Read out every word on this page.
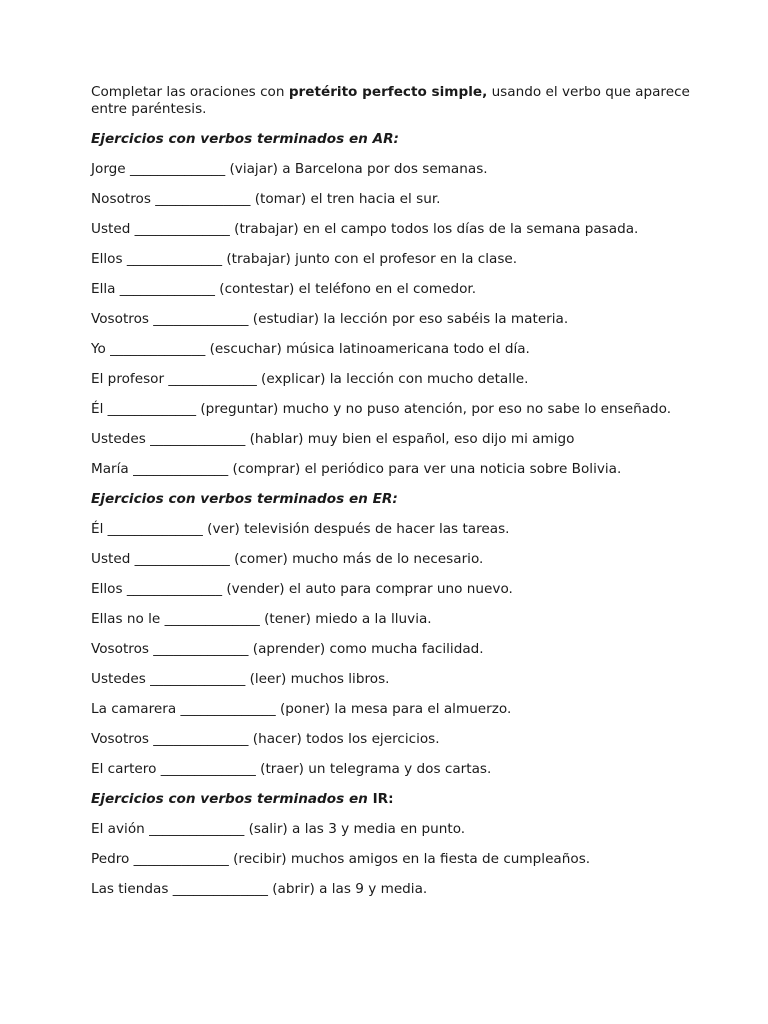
Completar las oraciones con pretérito perfecto simple, usando el verbo que aparece entre paréntesis.

Ejercicios con verbos terminados en AR:
Jorge ______________ (viajar) a Barcelona por dos semanas.
Nosotros ______________ (tomar) el tren hacia el sur.
Usted ______________ (trabajar) en el campo todos los días de la semana pasada.
Ellos ______________ (trabajar) junto con el profesor en la clase.
Ella ______________ (contestar) el teléfono en el comedor.
Vosotros ______________ (estudiar) la lección por eso sabéis la materia.
Yo ______________ (escuchar) música latinoamericana todo el día.
El profesor _____________ (explicar) la lección con mucho detalle.
Él _____________ (preguntar) mucho y no puso atención, por eso no sabe lo enseñado.
Ustedes ______________ (hablar) muy bien el español, eso dijo mi amigo
María ______________ (comprar) el periódico para ver una noticia sobre Bolivia.
Ejercicios con verbos terminados en ER:
Él ______________ (ver) televisión después de hacer las tareas.
Usted ______________ (comer) mucho más de lo necesario.
Ellos ______________ (vender) el auto para comprar uno nuevo.
Ellas no le ______________ (tener) miedo a la lluvia.
Vosotros ______________ (aprender) como mucha facilidad.
Ustedes ______________ (leer) muchos libros.
La camarera ______________ (poner) la mesa para el almuerzo.
Vosotros ______________ (hacer) todos los ejercicios.
El cartero ______________ (traer) un telegrama y dos cartas.
Ejercicios con verbos terminados en IR:
El avión ______________ (salir) a las 3 y media en punto.
Pedro ______________ (recibir) muchos amigos en la fiesta de cumpleaños.
Las tiendas ______________ (abrir) a las 9 y media.
